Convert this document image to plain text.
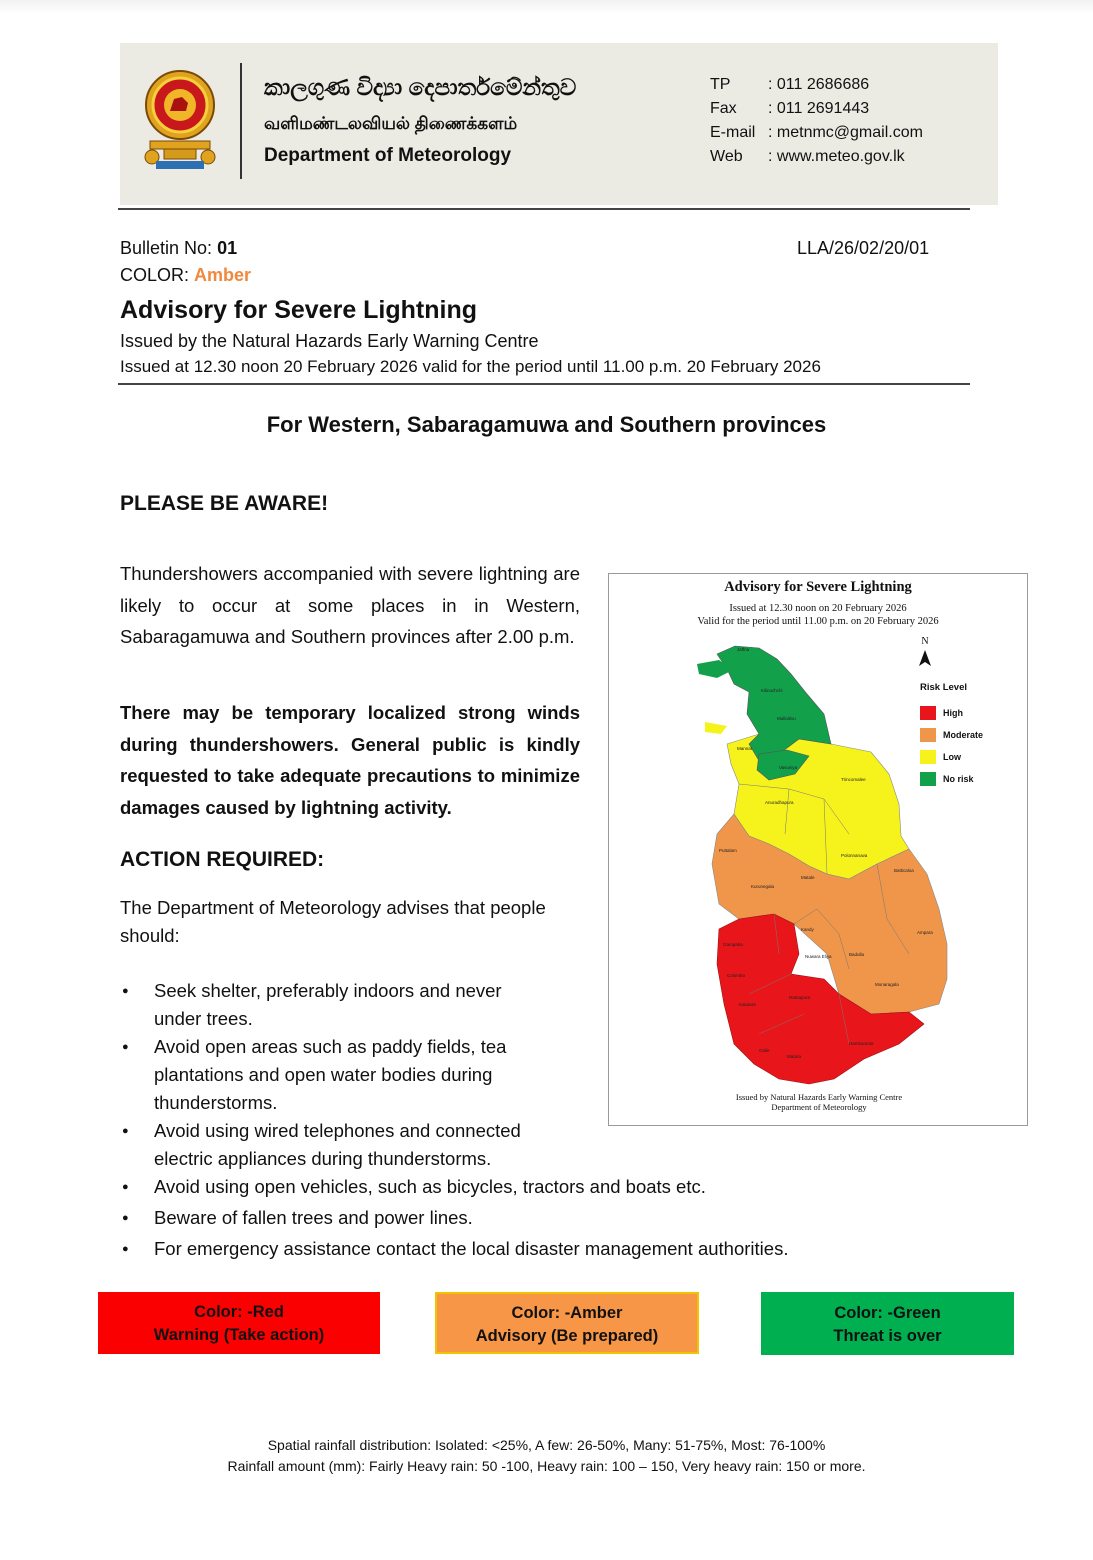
කාලගුණ විද්‍යා දෙපාර්තමේන්තුව
வளிமண்டலவியல் திணைக்களம்
Department of Meteorology
TP	: 011 2686686
Fax	: 011 2691443
E-mail : metnmc@gmail.com
Web	: www.meteo.gov.lk
Bulletin No: 01	LLA/26/02/20/01
COLOR: Amber
Advisory for Severe Lightning
Issued by the Natural Hazards Early Warning Centre
Issued at 12.30 noon 20 February 2026 valid for the period until 11.00 p.m. 20 February 2026
For Western, Sabaragamuwa and Southern provinces
PLEASE BE AWARE!
Thundershowers accompanied with severe lightning are likely to occur at some places in in Western, Sabaragamuwa and Southern provinces after 2.00 p.m.
There may be temporary localized strong winds during thundershowers. General public is kindly requested to take adequate precautions to minimize damages caused by lightning activity.
ACTION REQUIRED:
The Department of Meteorology advises that people should:
●
Seek shelter, preferably indoors and never under trees.
●
Avoid open areas such as paddy fields, tea plantations and open water bodies during thunderstorms.
●
Avoid using wired telephones and connected electric appliances during thunderstorms.
●
Avoid using open vehicles, such as bicycles, tractors and boats etc.
●
Beware of fallen trees and power lines.
●
For emergency assistance contact the local disaster management authorities.
Jaffna
Kilinochchi
Mullaitivu
Mannar
Vavuniya
Trincomalee
Anuradhapura
Puttalam
Polonnaruwa
Batticaloa
Kurunegala
Matale
Kandy
Ampara
Gampaha
Colombo
Nuwara Eliya	Badulla
Kalutara
Ratnapura
Monaragala
Galle
Matara
Hambantota
Advisory for Severe Lightning
Issued at 12.30 noon on 20 February 2026
Valid for the period until 11.00 p.m. on 20 February 2026
N
Risk Level
High
Moderate
Low
No risk
Issued by Natural Hazards Early Warning Centre
Department of Meteorology
Color: -Red
Warning (Take action)
Color: -Amber
Advisory (Be prepared)
Color: -Green
Threat is over
Spatial rainfall distribution: Isolated: <25%, A few: 26-50%, Many: 51-75%, Most: 76-100%
Rainfall amount (mm): Fairly Heavy rain: 50 -100, Heavy rain: 100 – 150, Very heavy rain: 150 or more.
